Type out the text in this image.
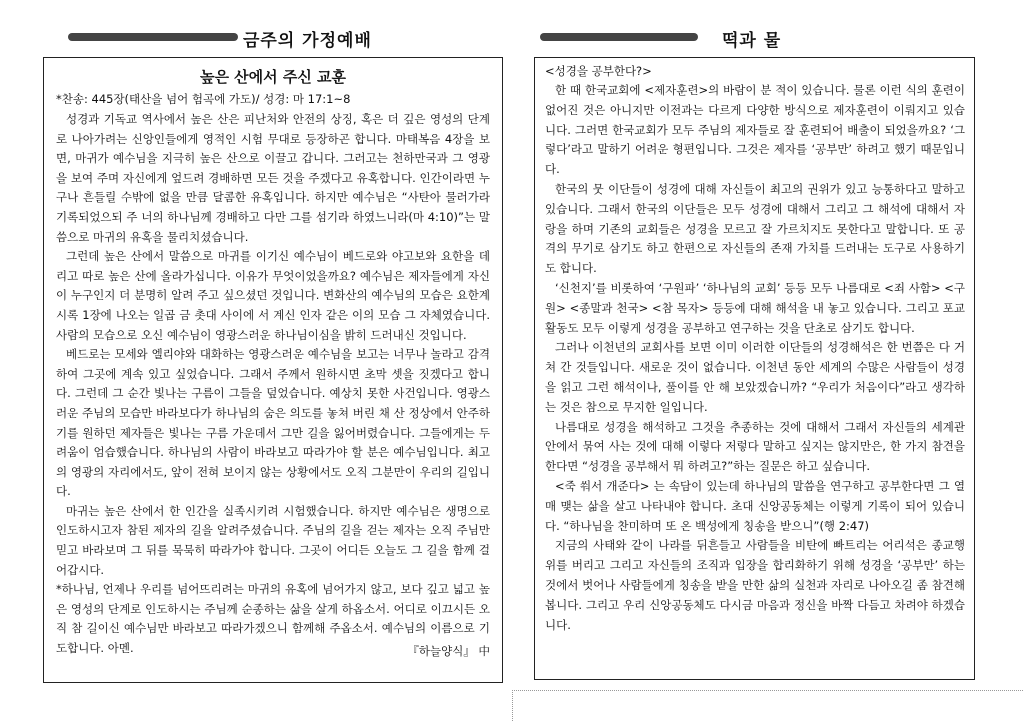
금주의 가정예배	떡과 물
높은 산에서 주신 교훈
*찬송: 445장(태산을 넘어 험곡에 가도)/ 성경: 마 17:1~8

성경과 기독교 역사에서 높은 산은 피난처와 안전의 상징, 혹은 더 깊은 영성의 단계로 나아가려는 신앙인들에게 영적인 시험 무대로 등장하곤 합니다. 마태복음 4장을 보면, 마귀가 예수님을 지극히 높은 산으로 이끌고 갑니다. 그러고는 천하만국과 그 영광을 보여 주며 자신에게 엎드려 경배하면 모든 것을 주겠다고 유혹합니다. 인간이라면 누구나 흔들릴 수밖에 없을 만큼 달콤한 유혹입니다. 하지만 예수님은 “사탄아 물러가라 기록되었으되 주 너의 하나님께 경배하고 다만 그를 섬기라 하였느니라(마 4:10)”는 말씀으로 마귀의 유혹을 물리치셨습니다.

그런데 높은 산에서 말씀으로 마귀를 이기신 예수님이 베드로와 야고보와 요한을 데리고 따로 높은 산에 올라가십니다. 이유가 무엇이었을까요? 예수님은 제자들에게 자신이 누구인지 더 분명히 알려 주고 싶으셨던 것입니다. 변화산의 예수님의 모습은 요한계시록 1장에 나오는 일곱 금 촛대 사이에 서 계신 인자 같은 이의 모습 그 자체였습니다. 사람의 모습으로 오신 예수님이 영광스러운 하나님이심을 밝히 드러내신 것입니다.

베드로는 모세와 엘리야와 대화하는 영광스러운 예수님을 보고는 너무나 놀라고 감격하여 그곳에 계속 있고 싶었습니다. 그래서 주께서 원하시면 초막 셋을 짓겠다고 합니다. 그런데 그 순간 빛나는 구름이 그들을 덮었습니다. 예상치 못한 사건입니다. 영광스러운 주님의 모습만 바라보다가 하나님의 숨은 의도를 놓쳐 버린 채 산 정상에서 안주하기를 원하던 제자들은 빛나는 구름 가운데서 그만 길을 잃어버렸습니다. 그들에게는 두려움이 엄습했습니다. 하나님의 사람이 바라보고 따라가야 할 분은 예수님입니다. 최고의 영광의 자리에서도, 앞이 전혀 보이지 않는 상황에서도 오직 그분만이 우리의 길입니다.

마귀는 높은 산에서 한 인간을 실족시키려 시험했습니다. 하지만 예수님은 생명으로 인도하시고자 참된 제자의 길을 알려주셨습니다. 주님의 길을 걷는 제자는 오직 주님만 믿고 바라보며 그 뒤를 묵묵히 따라가야 합니다. 그곳이 어디든 오늘도 그 길을 함께 걸어갑시다.

*하나님, 언제나 우리를 넘어뜨리려는 마귀의 유혹에 넘어가지 않고, 보다 깊고 넓고 높은 영성의 단계로 인도하시는 주님께 순종하는 삶을 살게 하옵소서. 어디로 이끄시든 오직 참 길이신 예수님만 바라보고 따라가겠으니 함께해 주옵소서. 예수님의 이름으로 기도합니다. 아멘.	『하늘양식』 中
<성경을 공부한다?>

한 때 한국교회에 <제자훈련>의 바람이 분 적이 있습니다. 물론 이런 식의 훈련이 없어진 것은 아니지만 이전과는 다르게 다양한 방식으로 제자훈련이 이뤄지고 있습니다. 그러면 한국교회가 모두 주님의 제자들로 잘 훈련되어 배출이 되었을까요? ‘그렇다’라고 말하기 어려운 형편입니다. 그것은 제자를 ‘공부만’ 하려고 했기 때문입니다.

한국의 뭇 이단들이 성경에 대해 자신들이 최고의 권위가 있고 능통하다고 말하고 있습니다. 그래서 한국의 이단들은 모두 성경에 대해서 그리고 그 해석에 대해서 자랑을 하며 기존의 교회들은 성경을 모르고 잘 가르치지도 못한다고 말합니다. 또 공격의 무기로 삼기도 하고 한편으로 자신들의 존재 가치를 드러내는 도구로 사용하기도 합니다.

‘신천지’를 비롯하여 ‘구원파’ ‘하나님의 교회’ 등등 모두 나름대로 <죄 사함> <구원> <종말과 천국> <참 목자> 등등에 대해 해석을 내 놓고 있습니다. 그리고 포교 활동도 모두 이렇게 성경을 공부하고 연구하는 것을 단초로 삼기도 합니다.

그러나 이천년의 교회사를 보면 이미 이러한 이단들의 성경해석은 한 번쯤은 다 거쳐 간 것들입니다. 새로운 것이 없습니다. 이천년 동안 세계의 수많은 사람들이 성경을 읽고 그런 해석이나, 풀이를 안 해 보았겠습니까? “우리가 처음이다”라고 생각하는 것은 참으로 무지한 일입니다.

나름대로 성경을 해석하고 그것을 추종하는 것에 대해서 그래서 자신들의 세계관 안에서 묶여 사는 것에 대해 이렇다 저렇다 말하고 싶지는 않지만은, 한 가지 참견을 한다면 “성경을 공부해서 뭐 하려고?”하는 질문은 하고 싶습니다.

<죽 쒀서 개준다> 는 속담이 있는데 하나님의 말씀을 연구하고 공부한다면 그 열매 맺는 삶을 살고 나타내야 합니다. 초대 신앙공동체는 이렇게 기록이 되어 있습니다. “하나님을 찬미하며 또 온 백성에게 칭송을 받으니”(행 2:47)

지금의 사태와 같이 나라를 뒤흔들고 사람들을 비탄에 빠트리는 어리석은 종교행위를 버리고 그리고 자신들의 조직과 입장을 합리화하기 위해 성경을 ‘공부만’ 하는 것에서 벗어나 사람들에게 칭송을 받을 만한 삶의 실천과 자리로 나아오길 좀 참견해 봅니다. 그리고 우리 신앙공동체도 다시금 마음과 정신을 바짝 다듬고 차려야 하겠습니다.
